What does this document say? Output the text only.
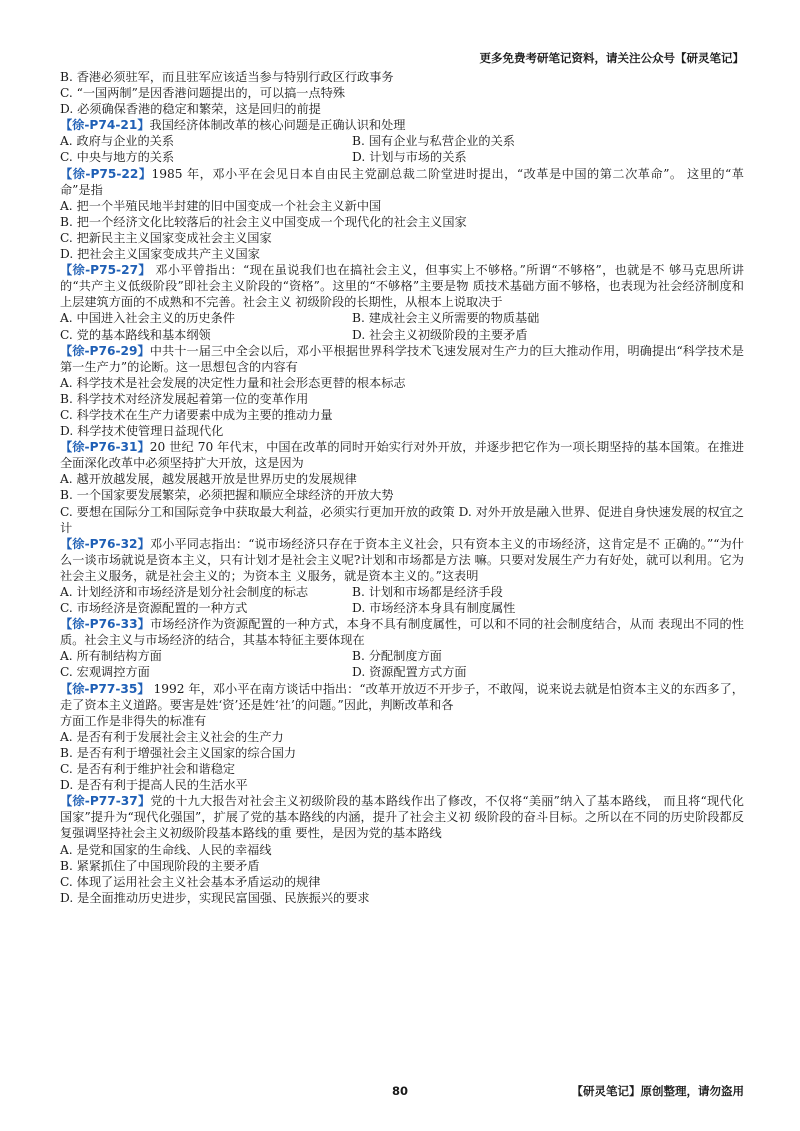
更多免费考研笔记资料，请关注公众号【研灵笔记】
B. 香港必须驻军，而且驻军应该适当参与特别行政区行政事务
C. “一国两制”是因香港问题提出的，可以搞一点特殊
D. 必须确保香港的稳定和繁荣，这是回归的前提
【徐-P74-21】我国经济体制改革的核心问题是正确认识和处理
A. 政府与企业的关系	B. 国有企业与私营企业的关系
C. 中央与地方的关系	D. 计划与市场的关系
【徐-P75-22】1985 年，邓小平在会见日本自由民主党副总裁二阶堂进时提出，“改革是中国的第二次革命”。 这里的“革命”是指
A. 把一个半殖民地半封建的旧中国变成一个社会主义新中国
B. 把一个经济文化比较落后的社会主义中国变成一个现代化的社会主义国家
C. 把新民主主义国家变成社会主义国家
D. 把社会主义国家变成共产主义国家
【徐-P75-27】 邓小平曾指出：“现在虽说我们也在搞社会主义，但事实上不够格。”所谓“不够格”，也就是不 够马克思所讲的“共产主义低级阶段”即社会主义阶段的“资格”。这里的“不够格”主要是物 质技术基础方面不够格，也表现为社会经济制度和上层建筑方面的不成熟和不完善。社会主义 初级阶段的长期性，从根本上说取决于
A. 中国进入社会主义的历史条件	B. 建成社会主义所需要的物质基础
C. 党的基本路线和基本纲领	D. 社会主义初级阶段的主要矛盾
【徐-P76-29】中共十一届三中全会以后，邓小平根据世界科学技术飞速发展对生产力的巨大推动作用，明确提出“科学技术是第一生产力”的论断。这一思想包含的内容有
A. 科学技术是社会发展的决定性力量和社会形态更替的根本标志
B. 科学技术对经济发展起着第一位的变革作用
C. 科学技术在生产力诸要素中成为主要的推动力量
D. 科学技术使管理日益现代化
【徐-P76-31】20 世纪 70 年代末，中国在改革的同时开始实行对外开放，并逐步把它作为一项长期坚持的基本国策。在推进全面深化改革中必须坚持扩大开放，这是因为
A. 越开放越发展，越发展越开放是世界历史的发展规律
B. 一个国家要发展繁荣，必须把握和顺应全球经济的开放大势
C. 要想在国际分工和国际竞争中获取最大利益，必须实行更加开放的政策 D. 对外开放是融入世界、促进自身快速发展的权宜之计
【徐-P76-32】邓小平同志指出：“说市场经济只存在于资本主义社会，只有资本主义的市场经济，这肯定是不 正确的。”“为什么一谈市场就说是资本主义，只有计划才是社会主义呢?计划和市场都是方法 嘛。只要对发展生产力有好处，就可以利用。它为社会主义服务，就是社会主义的；为资本主 义服务，就是资本主义的。”这表明
A. 计划经济和市场经济是划分社会制度的标志	B. 计划和市场都是经济手段
C. 市场经济是资源配置的一种方式	D. 市场经济本身具有制度属性
【徐-P76-33】市场经济作为资源配置的一种方式，本身不具有制度属性，可以和不同的社会制度结合，从而 表现出不同的性质。社会主义与市场经济的结合，其基本特征主要体现在
A. 所有制结构方面	B. 分配制度方面
C. 宏观调控方面	D. 资源配置方式方面
【徐-P77-35】 1992 年，邓小平在南方谈话中指出：“改革开放迈不开步子，不敢闯，说来说去就是怕资本主义的东西多了，走了资本主义道路。要害是姓‘资’还是姓‘社’的问题。”因此，判断改革和各
方面工作是非得失的标准有
A. 是否有利于发展社会主义社会的生产力
B. 是否有利于增强社会主义国家的综合国力
C. 是否有利于维护社会和谐稳定
D. 是否有利于提高人民的生活水平
【徐-P77-37】党的十九大报告对社会主义初级阶段的基本路线作出了修改，不仅将“美丽”纳入了基本路线， 而且将“现代化国家”提升为“现代化强国”，扩展了党的基本路线的内涵，提升了社会主义初 级阶段的奋斗目标。之所以在不同的历史阶段都反复强调坚持社会主义初级阶段基本路线的重 要性，是因为党的基本路线
A. 是党和国家的生命线、人民的幸福线
B. 紧紧抓住了中国现阶段的主要矛盾
C. 体现了运用社会主义社会基本矛盾运动的规律
D. 是全面推动历史进步，实现民富国强、民族振兴的要求
80	【研灵笔记】原创整理，请勿盗用
